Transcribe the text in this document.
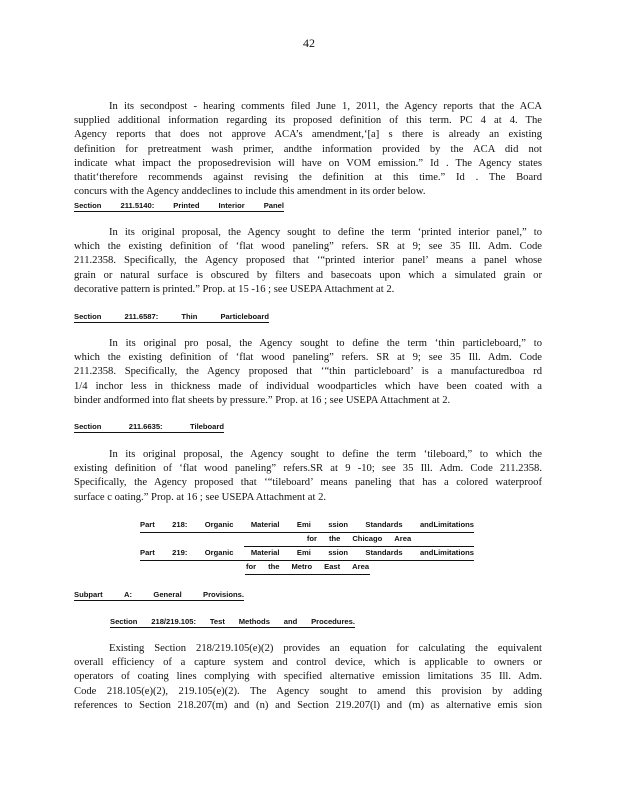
42

In its secondpost - hearing comments filed June 1, 2011, the Agency reports that the ACA

supplied additional information regarding its proposed definition of this term. PC 4 at 4. The

Agency reports that does not approve ACA’s amendment,‘[a] s there is already an existing

definition for pretreatment wash primer, andthe information provided by the ACA did not

indicate what impact the proposedrevision will have on VOM emission.” Id . The Agency states

thatit‘therefore recommends against revising the definition at this time.” Id . The Board

concurs with the Agency anddeclines to include this amendment in its order below.

Section	211.5140:	Printed	Interior	Panel

In its original proposal, the Agency sought to define the term ‘printed interior panel,” to

which the existing definition of ‘flat wood paneling” refers. SR at 9; see 35 Ill. Adm. Code

211.2358. Specifically, the Agency proposed that ‘“printed interior panel’ means a panel whose

grain or natural surface is obscured by filters and basecoats upon which a simulated grain or

decorative pattern is printed.” Prop. at 15 -16 ; see USEPA Attachment at 2.

Section	211.6587:	Thin	Particleboard

In its original pro posal, the Agency sought to define the term ‘thin particleboard,” to

which the existing definition of ‘flat wood paneling” refers. SR at 9; see 35 Ill. Adm. Code

211.2358. Specifically, the Agency proposed that ‘“thin particleboard’ is a manufacturedboa rd

1/4 inchor less in thickness made of individual woodparticles which have been coated with a

binder andformed into flat sheets by pressure.” Prop. at 16 ; see USEPA Attachment at 2.

Section	211.6635:	Tileboard

In its original proposal, the Agency sought to define the term ‘tileboard,” to which the

existing definition of ‘flat wood paneling” refers.SR at 9 -10; see 35 Ill. Adm. Code 211.2358.

Specifically, the Agency proposed that ‘“tileboard’ means paneling that has a colored waterproof

surface c oating.” Prop. at 16 ; see USEPA Attachment at 2.

Part 218: Organic Material Emi ssion Standards andLimitations
for the Chicago Area
Part 219: Organic Material Emi ssion Standards andLimitations
for the Metro East Area
Subpart	A:	General	Provisions.
Section 218/219.105: Test Methods and Procedures.

Existing Section 218/219.105(e)(2) provides an equation for calculating the equivalent

overall efficiency of a capture system and control device, which is applicable to owners or

operators of coating lines complying with specified alternative emission limitations 35 Ill. Adm.

Code 218.105(e)(2), 219.105(e)(2). The Agency sought to amend this provision by adding

references to Section 218.207(m) and (n) and Section 219.207(l) and (m) as alternative emis sion
